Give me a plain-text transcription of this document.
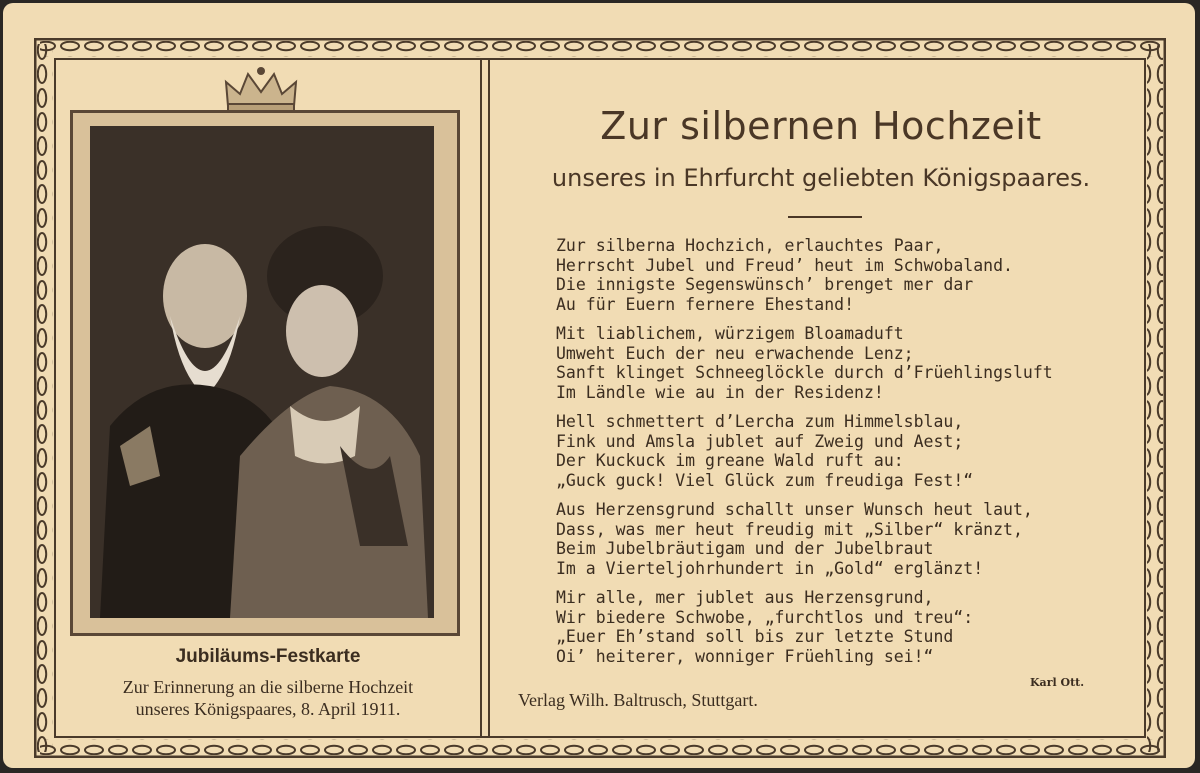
Jubiläums-Festkarte
Zur Erinnerung an die silberne Hochzeit
unseres Königspaares, 8. April 1911.
Zur silbernen Hochzeit
unseres in Ehrfurcht geliebten Königspaares.
Zur silberna Hochzich, erlauchtes Paar,
Herrscht Jubel und Freud’ heut im Schwobaland.
Die innigste Segenswünsch’ brenget mer dar
Au für Euern fernere Ehestand!
Mit liablichem, würzigem Bloamaduft
Umweht Euch der neu erwachende Lenz;
Sanft klinget Schneeglöckle durch d’Früehlingsluft
Im Ländle wie au in der Residenz!
Hell schmettert d’Lercha zum Himmelsblau,
Fink und Amsla jublet auf Zweig und Aest;
Der Kuckuck im greane Wald ruft au:
„Guck guck! Viel Glück zum freudiga Fest!“
Aus Herzensgrund schallt unser Wunsch heut laut,
Dass, was mer heut freudig mit „Silber“ kränzt,
Beim Jubelbräutigam und der Jubelbraut
Im a Vierteljohrhundert in „Gold“ erglänzt!
Mir alle, mer jublet aus Herzensgrund,
Wir biedere Schwobe, „furchtlos und treu“:
„Euer Eh’stand soll bis zur letzte Stund
Oi’ heiterer, wonniger Früehling sei!“
Karl Ott.
Verlag Wilh. Baltrusch, Stuttgart.
